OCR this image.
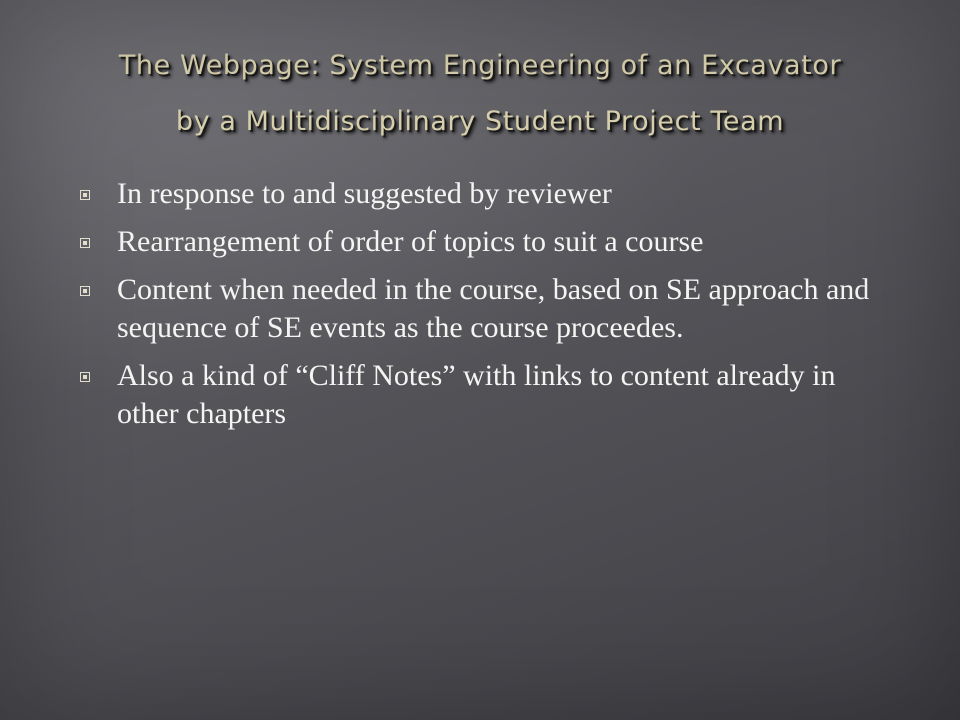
The Webpage: System Engineering of an Excavator
by a Multidisciplinary Student Project Team
In response to and suggested by reviewer
Rearrangement of order of topics to suit a course
Content when needed in the course, based on SE approach and sequence of SE events as the course proceedes.
Also a kind of “Cliff Notes” with links to content already in other chapters
